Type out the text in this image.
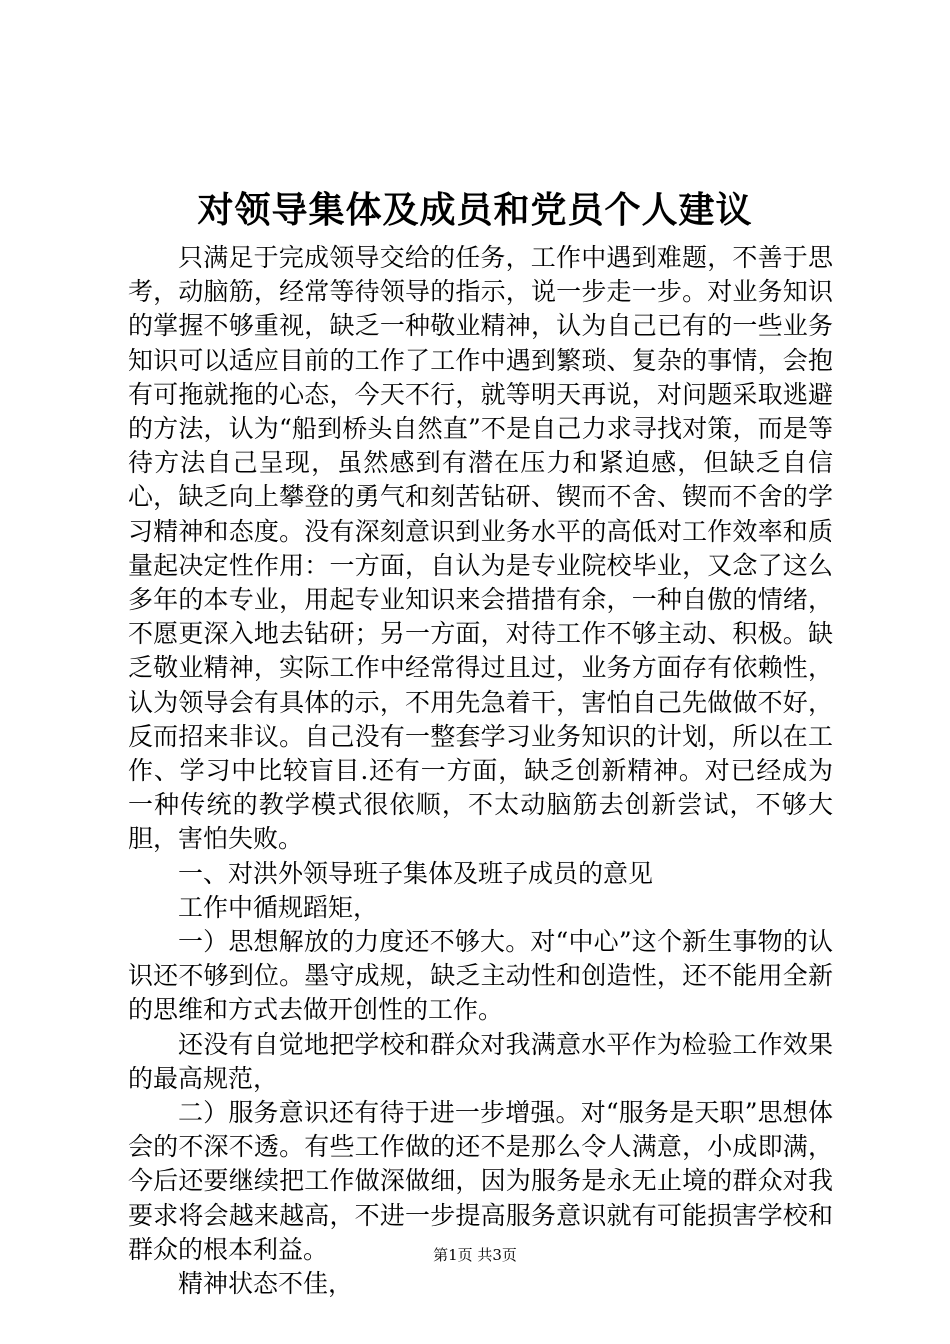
对领导集体及成员和党员个人建议

只满足于完成领导交给的任务，工作中遇到难题，不善于思考，动脑筋，经常等待领导的指示，说一步走一步。对业务知识的掌握不够重视，缺乏一种敬业精神，认为自己已有的一些业务知识可以适应目前的工作了工作中遇到繁琐、复杂的事情，会抱有可拖就拖的心态，今天不行，就等明天再说，对问题采取逃避的方法，认为“船到桥头自然直”不是自己力求寻找对策，而是等待方法自己呈现，虽然感到有潜在压力和紧迫感，但缺乏自信心，缺乏向上攀登的勇气和刻苦钻研、锲而不舍、锲而不舍的学习精神和态度。没有深刻意识到业务水平的高低对工作效率和质量起决定性作用：一方面，自认为是专业院校毕业，又念了这么多年的本专业，用起专业知识来会措措有余，一种自傲的情绪，不愿更深入地去钻研；另一方面，对待工作不够主动、积极。缺乏敬业精神，实际工作中经常得过且过，业务方面存有依赖性，认为领导会有具体的示，不用先急着干，害怕自己先做做不好，反而招来非议。自己没有一整套学习业务知识的计划，所以在工作、学习中比较盲目.还有一方面，缺乏创新精神。对已经成为一种传统的教学模式很依顺，不太动脑筋去创新尝试，不够大胆，害怕失败。

一、对洪外领导班子集体及班子成员的意见

工作中循规蹈矩，

一）思想解放的力度还不够大。对“中心”这个新生事物的认识还不够到位。墨守成规，缺乏主动性和创造性，还不能用全新的思维和方式去做开创性的工作。

还没有自觉地把学校和群众对我满意水平作为检验工作效果的最高规范，

二）服务意识还有待于进一步增强。对“服务是天职”思想体会的不深不透。有些工作做的还不是那么令人满意，小成即满，今后还要继续把工作做深做细，因为服务是永无止境的群众对我要求将会越来越高，不进一步提高服务意识就有可能损害学校和群众的根本利益。

精神状态不佳，

第1页 共3页
